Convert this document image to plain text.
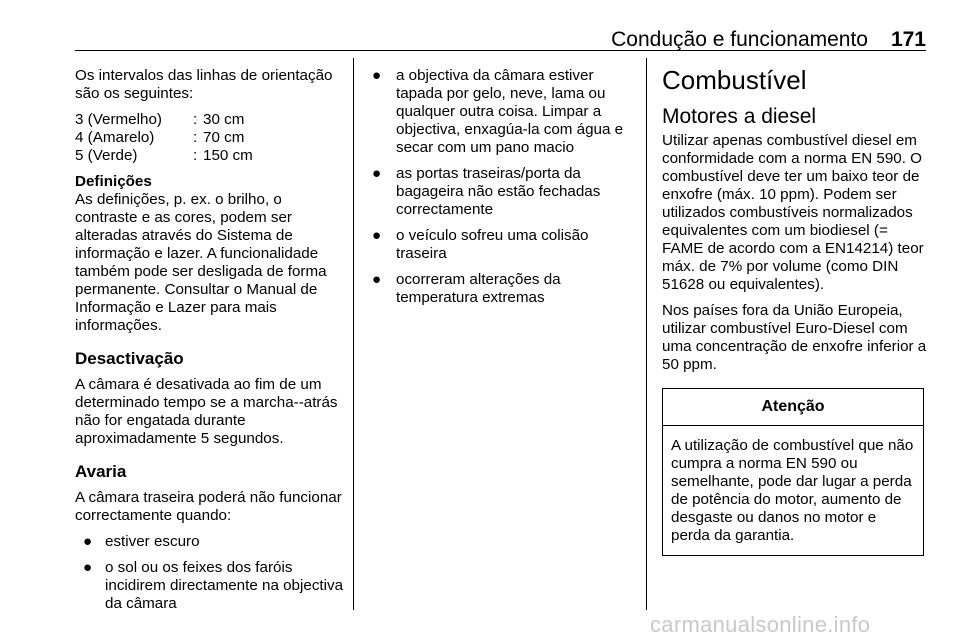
Condução e funcionamento 171

Os intervalos das linhas de orientação são os seguintes:

3 (Vermelho)	: 30 cm
4 (Amarelo)	: 70 cm
5 (Verde)	: 150 cm

Definições

As definições, p. ex. o brilho, o contraste e as cores, podem ser alteradas através do Sistema de informação e lazer. A funcionalidade também pode ser desligada de forma permanente. Consultar o Manual de Informação e Lazer para mais informações.

Desactivação

A câmara é desativada ao fim de um determinado tempo se a marcha--atrás não for engatada durante aproximadamente 5 segundos.

Avaria

A câmara traseira poderá não funcionar correctamente quando:

● estiver escuro
● o sol ou os feixes dos faróis incidirem directamente na objectiva da câmara
● a objectiva da câmara estiver tapada por gelo, neve, lama ou qualquer outra coisa. Limpar a objectiva, enxagúa-la com água e secar com um pano macio
● as portas traseiras/porta da bagageira não estão fechadas correctamente
● o veículo sofreu uma colisão traseira
● ocorreram alterações da temperatura extremas

Combustível

Motores a diesel

Utilizar apenas combustível diesel em conformidade com a norma EN 590. O combustível deve ter um baixo teor de enxofre (máx. 10 ppm). Podem ser utilizados combustíveis normalizados equivalentes com um biodiesel (= FAME de acordo com a EN14214) teor máx. de 7% por volume (como DIN 51628 ou equivalentes).

Nos países fora da União Europeia, utilizar combustível Euro-Diesel com uma concentração de enxofre inferior a 50 ppm.

Atenção
A utilização de combustível que não cumpra a norma EN 590 ou semelhante, pode dar lugar a perda de potência do motor, aumento de desgaste ou danos no motor e perda da garantia.
carmanualsonline.info
